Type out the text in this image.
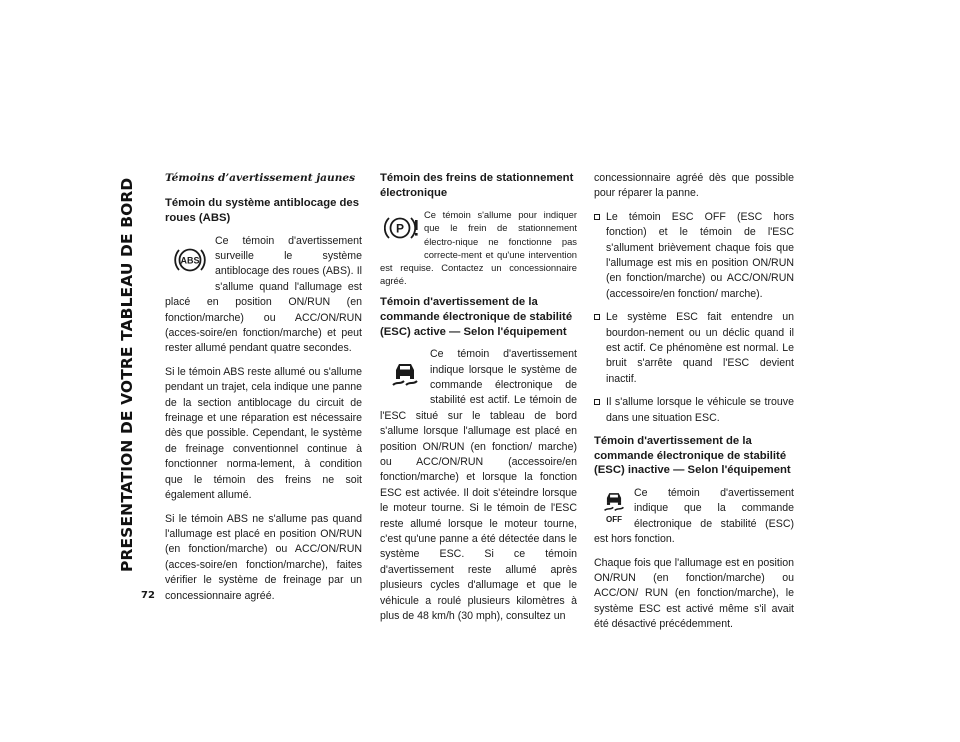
PRESENTATION DE VOTRE TABLEAU DE BORD
72
Témoins d’avertissement jaunes
Témoin du système antiblocage des roues (ABS)
ABS
Ce témoin d'avertissement surveille le système antiblocage des roues (ABS). Il s'allume quand l'allumage est placé en position ON/RUN (en fonction/marche) ou ACC/ON/RUN (acces-soire/en fonction/marche) et peut rester allumé pendant quatre secondes.

Si le témoin ABS reste allumé ou s'allume pendant un trajet, cela indique une panne de la section antiblocage du circuit de freinage et une réparation est nécessaire dès que possible. Cependant, le système de freinage conventionnel continue à fonctionner norma-lement, à condition que le témoin des freins ne soit également allumé.

Si le témoin ABS ne s'allume pas quand l'allumage est placé en position ON/RUN (en fonction/marche) ou ACC/ON/RUN (acces-soire/en fonction/marche), faites vérifier le système de freinage par un concessionnaire agréé.

Témoin des freins de stationnement électronique
P
Ce témoin s'allume pour indiquer que le frein de stationnement électro-nique ne fonctionne pas correcte-ment et qu'une intervention est requise. Contactez un concessionnaire agréé.
Témoin d'avertissement de la commande électronique de stabilité (ESC) active — Selon l'équipement
Ce témoin d'avertissement indique lorsque le système de commande électronique de stabilité est actif. Le témoin de l'ESC situé sur le tableau de bord s'allume lorsque l'allumage est placé en position ON/RUN (en fonction/ marche) ou ACC/ON/RUN (accessoire/en fonction/marche) et lorsque la fonction ESC est activée. Il doit s'éteindre lorsque le moteur tourne. Si le témoin de l'ESC reste allumé lorsque le moteur tourne, c'est qu'une panne a été détectée dans le système ESC. Si ce témoin d'avertissement reste allumé après plusieurs cycles d'allumage et que le véhicule a roulé plusieurs kilomètres à plus de 48 km/h (30 mph), consultez un

concessionnaire agréé dès que possible pour réparer la panne.

Le témoin ESC OFF (ESC hors fonction) et le témoin de l'ESC s'allument brièvement chaque fois que l'allumage est mis en position ON/RUN (en fonction/marche) ou ACC/ON/RUN (accessoire/en fonction/ marche).
Le système ESC fait entendre un bourdon-nement ou un déclic quand il est actif. Ce phénomène est normal. Le bruit s'arrête quand l'ESC devient inactif.
Il s'allume lorsque le véhicule se trouve dans une situation ESC.
Témoin d'avertissement de la commande électronique de stabilité (ESC) inactive — Selon l'équipement
OFF
Ce témoin d'avertissement indique que la commande électronique de stabilité (ESC) est hors fonction.

Chaque fois que l'allumage est en position ON/RUN (en fonction/marche) ou ACC/ON/ RUN (en fonction/marche), le système ESC est activé même s'il avait été désactivé précédemment.
